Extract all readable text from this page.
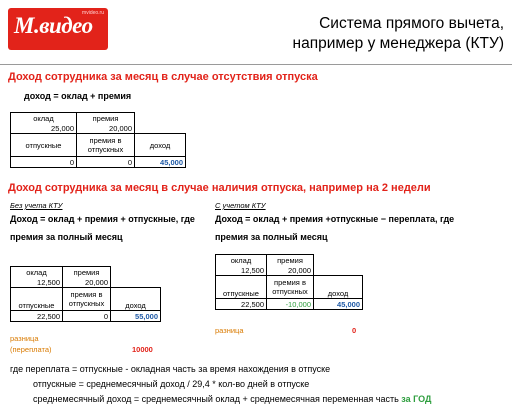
mvideo.ru
М.видео	Система прямого вычета,
например у менеджера (КТУ)
Доход сотрудника за месяц в случае отсутствия отпуска
доход = оклад + премия
оклад	премия	
25,000	20,000	
отпускные	премия в отпускных	доход
0	0	45,000
Доход сотрудника за месяц в случае наличия отпуска, например на 2 недели
Без учета КТУ
Доход = оклад + премия + отпускные, где
премия за полный месяц
оклад	премия	
12,500	20,000	
отпускные	премия в отпускных	доход
22,500	0	55,000
разница
(переплата)	10000
С учетом КТУ
Доход = оклад + премия +отпускные − переплата, где
премия за полный месяц
оклад	премия	
12,500	20,000	
отпускные	премия в отпускных	доход
22,500	-10,000	45,000
разница	0
где переплата = отпускные - окладная часть за время нахождения в отпуске
отпускные = среднемесячный доход / 29,4 * кол-во дней в отпуске
среднемесячный доход = среднемесячный оклад + среднемесячная переменная часть за ГОД
